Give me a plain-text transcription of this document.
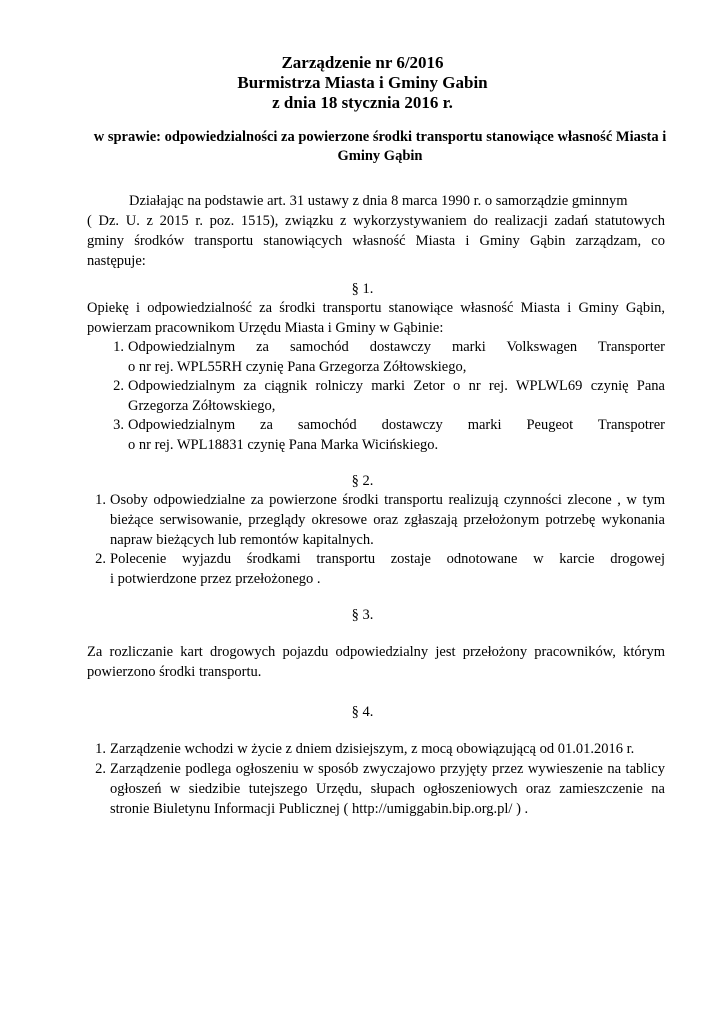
Zarządzenie nr 6/2016
Burmistrza Miasta i Gminy Gabin
z dnia 18 stycznia 2016 r.
w sprawie: odpowiedzialności za powierzone środki transportu stanowiące własność Miasta i
Gminy Gąbin
Działając na podstawie art. 31 ustawy z dnia 8 marca 1990 r. o samorządzie gminnym
( Dz. U. z 2015 r. poz. 1515), związku z wykorzystywaniem do realizacji zadań statutowych
gminy środków transportu stanowiących własność Miasta i Gminy Gąbin zarządzam, co
następuje:
§ 1.
Opiekę i odpowiedzialność za środki transportu stanowiące własność Miasta i Gminy Gąbin,
powierzam pracownikom Urzędu Miasta i Gminy w Gąbinie:
1. Odpowiedzialnym za samochód dostawczy marki Volkswagen Transporter
o nr rej. WPL55RH czynię Pana Grzegorza Zółtowskiego,
2. Odpowiedzialnym za ciągnik rolniczy marki Zetor o nr rej. WPLWL69 czynię Pana
Grzegorza Zółtowskiego,
3. Odpowiedzialnym za samochód dostawczy marki Peugeot Transpotrer
o nr rej. WPL18831 czynię Pana Marka Wicińskiego.
§ 2.
1. Osoby odpowiedzialne za powierzone środki transportu realizują czynności zlecone , w tym
bieżące serwisowanie, przeglądy okresowe oraz zgłaszają przełożonym potrzebę wykonania
napraw bieżących lub remontów kapitalnych.
2. Polecenie wyjazdu środkami transportu zostaje odnotowane w karcie drogowej
i potwierdzone przez przełożonego .
§ 3.
Za rozliczanie kart drogowych pojazdu odpowiedzialny jest przełożony pracowników, którym
powierzono środki transportu.
§ 4.
1. Zarządzenie wchodzi w życie z dniem dzisiejszym, z mocą obowiązującą od 01.01.2016 r.
2. Zarządzenie podlega ogłoszeniu w sposób zwyczajowo przyjęty przez wywieszenie na tablicy
ogłoszeń w siedzibie tutejszego Urzędu, słupach ogłoszeniowych oraz zamieszczenie na
stronie Biuletynu Informacji Publicznej ( http://umiggabin.bip.org.pl/ ) .
